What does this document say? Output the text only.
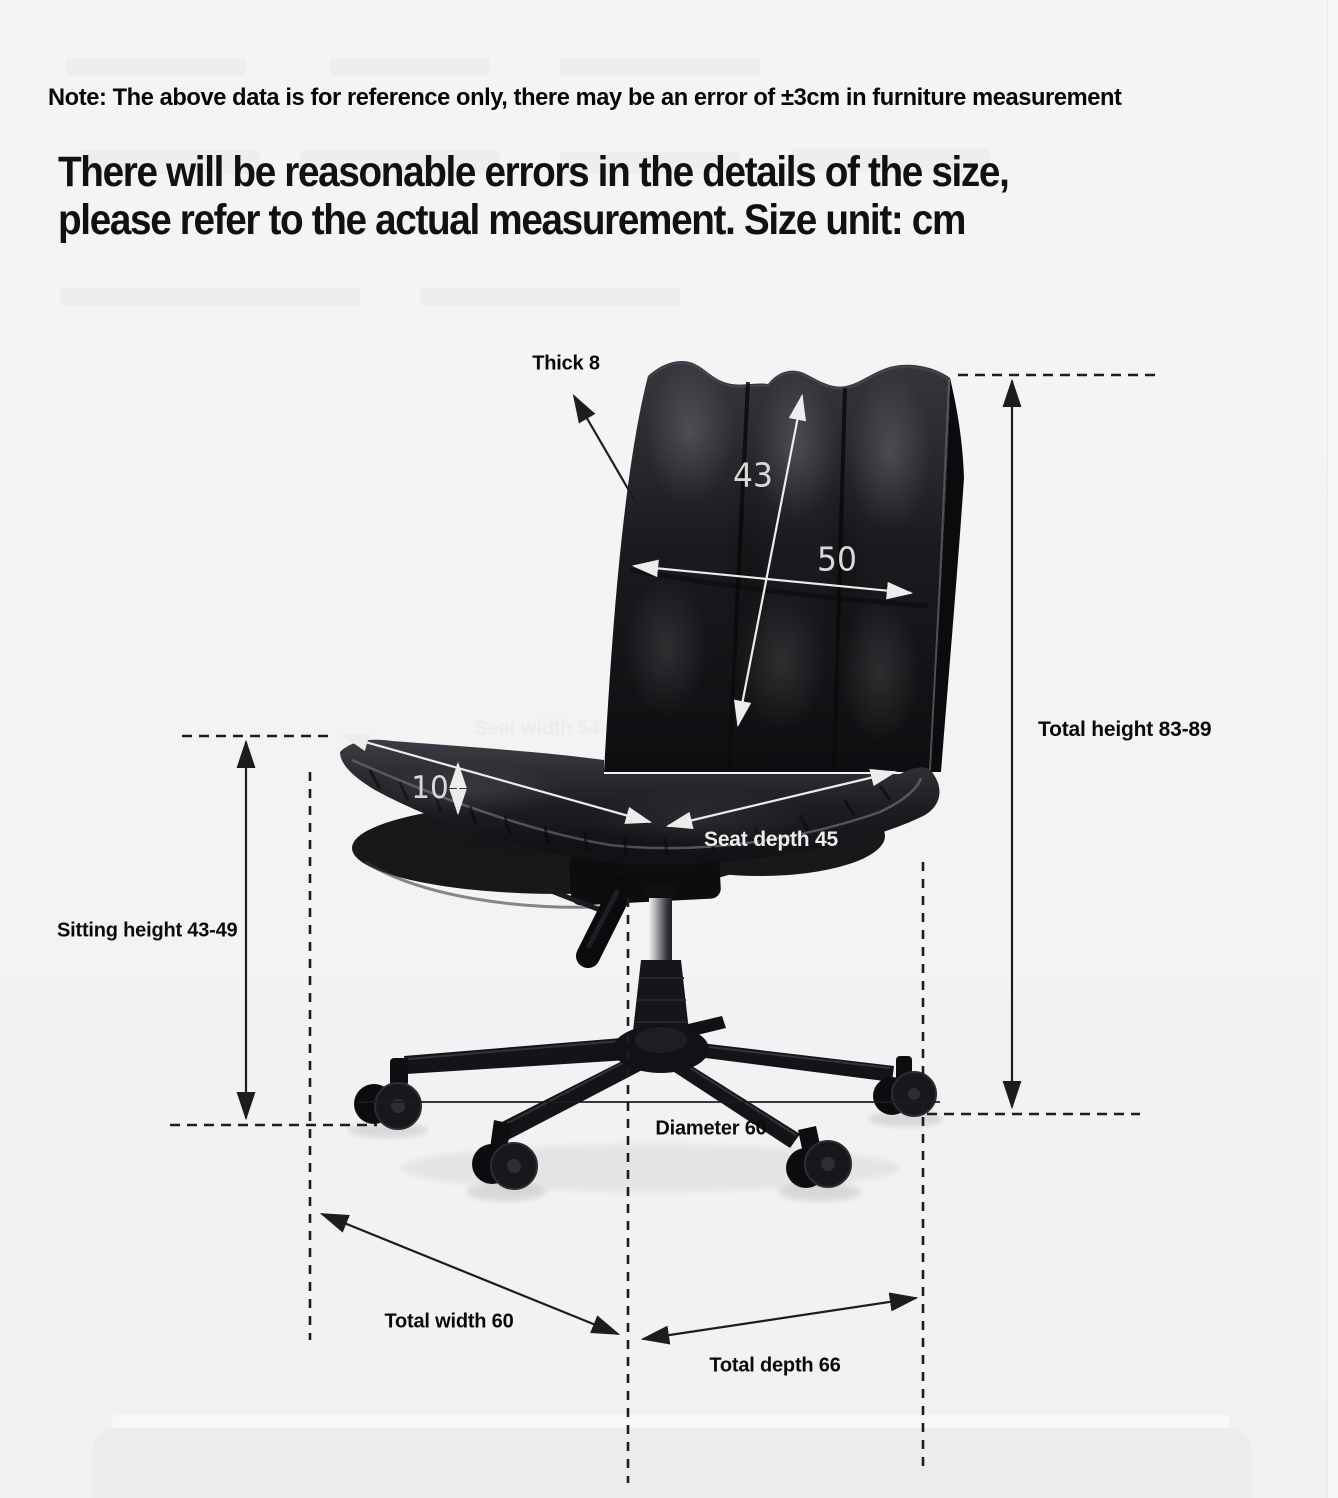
Note: The above data is for reference only, there may be an error of ±3cm in furniture measurement
There will be reasonable errors in the details of the size,
please refer to the actual measurement. Size unit: cm
Thick 8
Total height 83-89
Sitting height 43-49
Diameter 60
Total width 60
Total depth 66
43
50
10
Seat width 54
Seat depth 45
